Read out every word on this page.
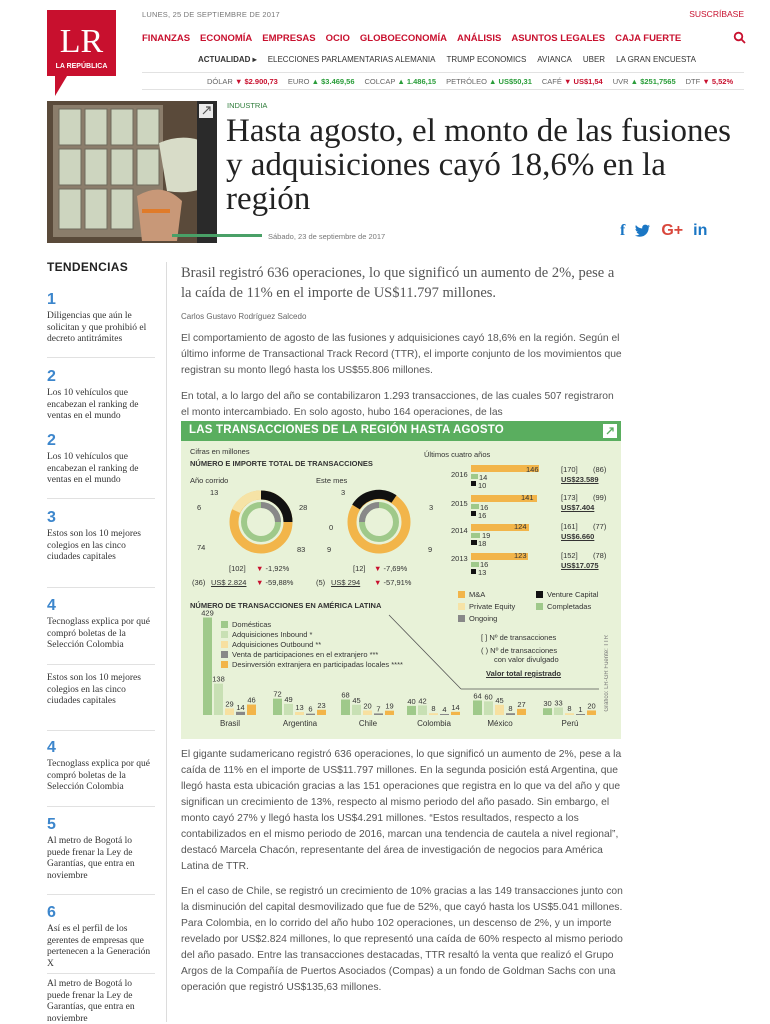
LR
LA REPÚBLICA
LUNES, 25 DE SEPTIEMBRE DE 2017	SUSCRÍBASE
FINANZAS ECONOMÍA EMPRESAS OCIO GLOBOECONOMÍA ANÁLISIS ASUNTOS LEGALES CAJA FUERTE
ACTUALIDAD ▸ ELECCIONES PARLAMENTARIAS ALEMANIA TRUMP ECONOMICS AVIANCA UBER LA GRAN ENCUESTA
DÓLAR ▼ $2.900,73 EURO ▲ $3.469,56 COLCAP ▲ 1.486,15 PETRÓLEO ▲ US$50,31 CAFÉ ▼ US$1,54 UVR ▲ $251,7565 DTF ▼ 5,52%
INDUSTRIA
Hasta agosto, el monto de las fusiones y adquisiciones cayó 18,6% en la región
Sábado, 23 de septiembre de 2017	f G+ in
TENDENCIAS
1
Diligencias que aún le solicitan y que prohibió el decreto antitrámites
2
Los 10 vehículos que encabezan el ranking de ventas en el mundo
2
Los 10 vehículos que encabezan el ranking de ventas en el mundo
3
Estos son los 10 mejores colegios en las cinco ciudades capitales
4
Tecnoglass explica por qué compró boletas de la Selección Colombia
Estos son los 10 mejores colegios en las cinco ciudades capitales
4
Tecnoglass explica por qué compró boletas de la Selección Colombia
5
Al metro de Bogotá lo puede frenar la Ley de Garantías, que entra en noviembre
6
Así es el perfil de los gerentes de empresas que pertenecen a la Generación X
Al metro de Bogotá lo puede frenar la Ley de Garantías, que entra en noviembre

Brasil registró 636 operaciones, lo que significó un aumento de 2%, pese a la caída de 11% en el importe de US$11.797 millones.

Carlos Gustavo Rodríguez Salcedo

El comportamiento de agosto de las fusiones y adquisiciones cayó 18,6% en la región. Según el último informe de Transactional Track Record (TTR), el importe conjunto de los movimientos que registran su monto llegó hasta los US$55.806 millones.

En total, a lo largo del año se contabilizaron 1.293 transacciones, de las cuales 507 registraron el monto intercambiado. En solo agosto, hubo 164 operaciones, de las

LAS TRANSACCIONES DE LA REGIÓN HASTA AGOSTO
Cifras en millones
NÚMERO E IMPORTE TOTAL DE TRANSACCIONES
Año corrido	Este mes
13
6	28
74	83
[102] ▼ -1,92%
(36) US$ 2.824 ▼ -59,88%
3
0
9
3
9
[12] ▼ -7,69%
(5) US$ 294 ▼ -57,91%
Últimos cuatro años
2016
146
14
10
[170] (86)
US$23.589
2015
141
16
16
[173] (99)
US$7.404
2014	124
19
18
[161] (77)
US$6.660
2013	123
16
13
[152] (78)
US$17.075
M&A	Venture Capital
Private Equity	Completadas
Ongoing
NÚMERO DE TRANSACCIONES EN AMÉRICA LATINA
429
138
29 14
46
Brasil
72
49
13 6 23
Argentina
68
45
20 7 19
Chile
40 42
8 4 14
Colombia
64 60 45
8 27
México
30 33
8 1 20
Perú
Domésticas
Adquisiciones Inbound *
Adquisiciones Outbound **
Venta de participaciones en el extranjero ***
Desinversión extranjera en participadas locales ****
[ ] Nº de transacciones
( ) Nº de transacciones
con valor divulgado
Valor total registrado	Gráfico: LR-GR Fuente: TTR

El gigante sudamericano registró 636 operaciones, lo que significó un aumento de 2%, pese a la caída de 11% en el importe de US$11.797 millones. En la segunda posición está Argentina, que llegó hasta esta ubicación gracias a las 151 operaciones que registra en lo que va del año y que significan un crecimiento de 13%, respecto al mismo periodo del año pasado. Sin embargo, el monto cayó 27% y llegó hasta los US$4.291 millones. “Estos resultados, respecto a los contabilizados en el mismo periodo de 2016, marcan una tendencia de cautela a nivel regional”, destacó Marcela Chacón, representante del área de investigación de negocios para América Latina de TTR.

En el caso de Chile, se registró un crecimiento de 10% gracias a las 149 transacciones junto con la disminución del capital desmovilizado que fue de 52%, que cayó hasta los US$5.041 millones. Para Colombia, en lo corrido del año hubo 102 operaciones, un descenso de 2%, y un importe revelado por US$2.824 millones, lo que representó una caída de 60% respecto al mismo periodo del año pasado. Entre las transacciones destacadas, TTR resaltó la venta que realizó el Grupo Argos de la Compañía de Puertos Asociados (Compas) a un fondo de Goldman Sachs con una operación que registró US$135,63 millones.
